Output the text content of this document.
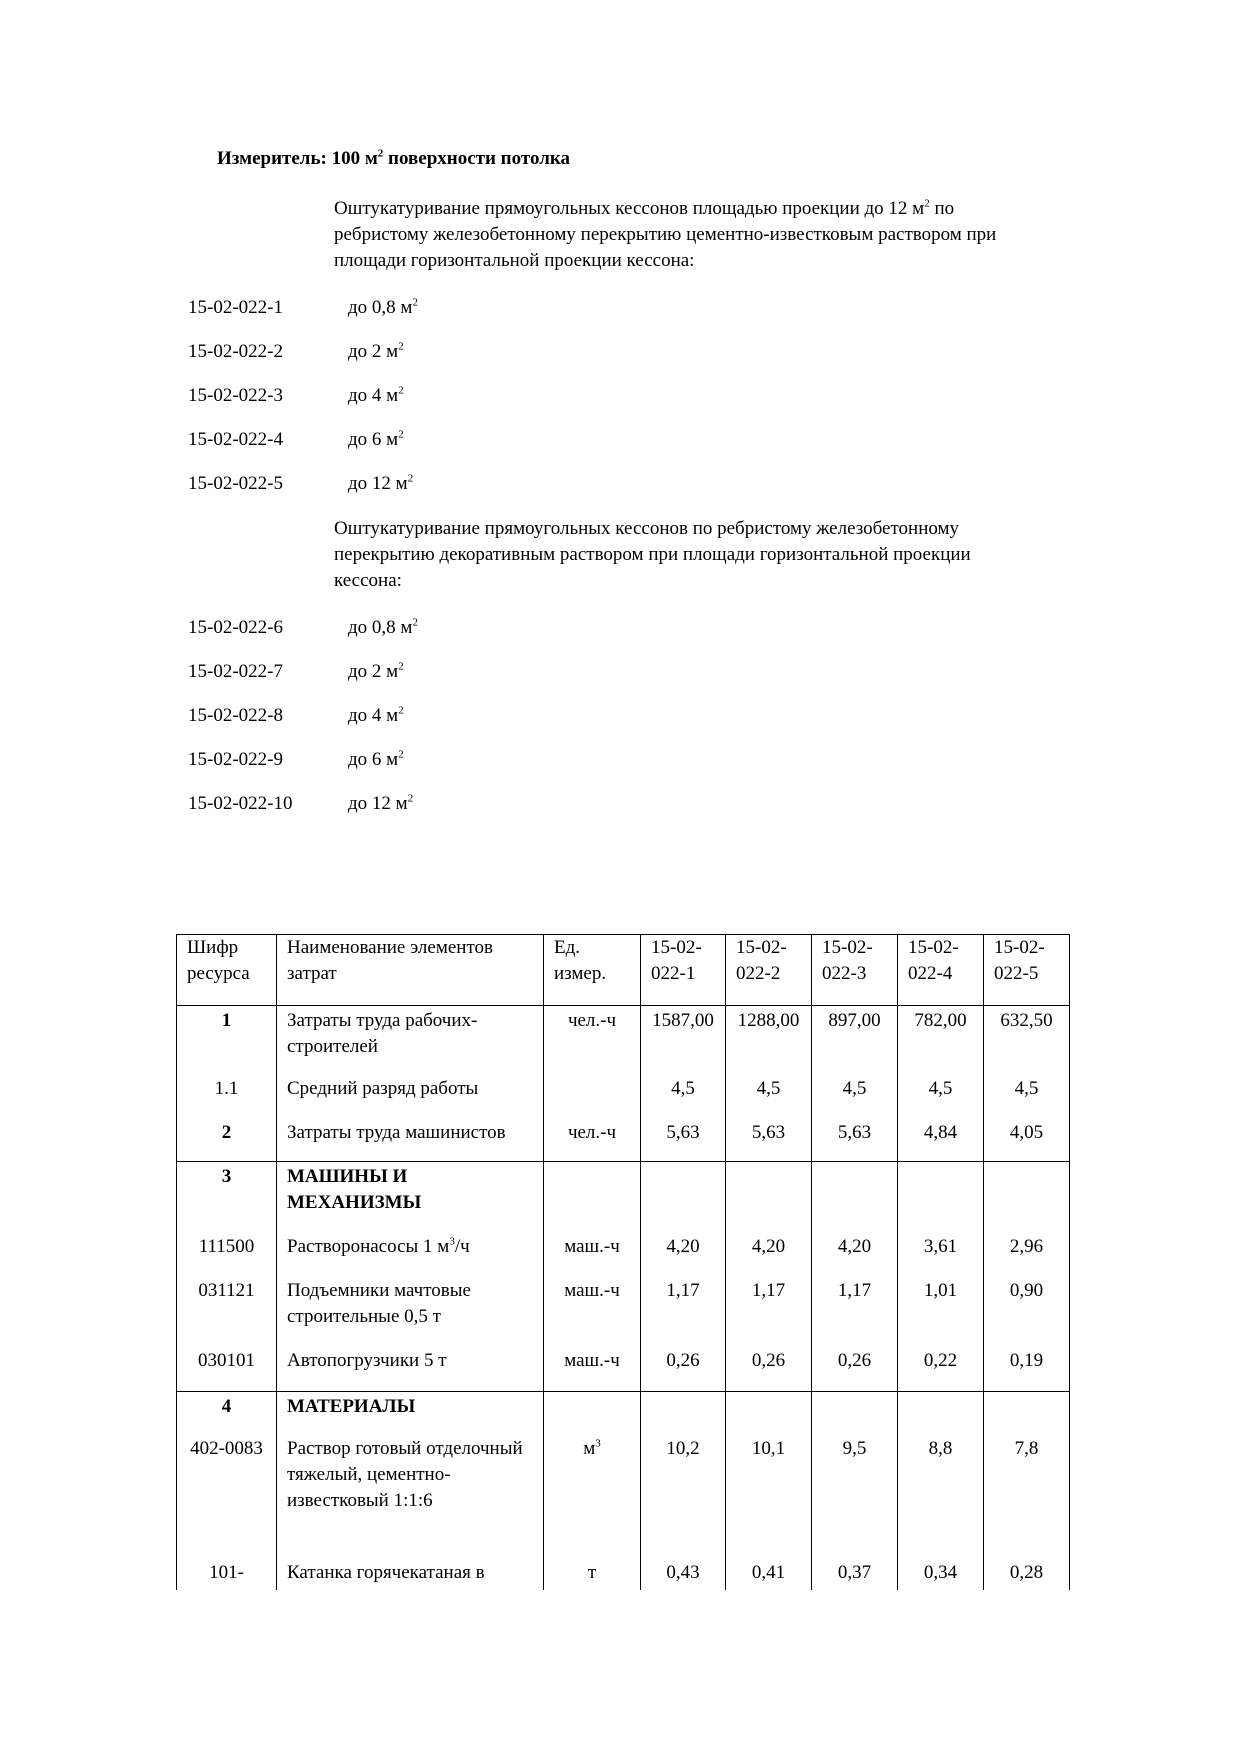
Измеритель: 100 $м^2$ поверхности потолка
Оштукатуривание прямоугольных кессонов площадью проекции до 12 $м^2$ по
ребристому железобетонному перекрытию цементно-известковым раствором при
площади горизонтальной проекции кессона:
15-02-022-1	до 0,8 $м^2$
15-02-022-2	до 2 $м^2$
15-02-022-3	до 4 $м^2$
15-02-022-4	до 6 $м^2$
15-02-022-5	до 12 $м^2$
Оштукатуривание прямоугольных кессонов по ребристому железобетонному
перекрытию декоративным раствором при площади горизонтальной проекции
кессона:
15-02-022-6	до 0,8 $м^2$
15-02-022-7	до 2 $м^2$
15-02-022-8	до 4 $м^2$
15-02-022-9	до 6 $м^2$
15-02-022-10	до 12 $м^2$
Шифр ресурса	Наименование элементов затрат	Ед. измер.	15-02-022-1	15-02-022-2	15-02-022-3	15-02-022-4	15-02-022-5
1	Затраты труда рабочих-строителей	чел.-ч	1587,00	1288,00	897,00	782,00	632,50
1.1	Средний разряд работы		4,5	4,5	4,5	4,5	4,5
2	Затраты труда машинистов	чел.-ч	5,63	5,63	5,63	4,84	4,05
3	МАШИНЫ И МЕХАНИЗМЫ						
111500	Растворонасосы 1 $м^3/ч$	маш.-ч	4,20	4,20	4,20	3,61	2,96
031121	Подъемники мачтовые строительные 0,5 т	маш.-ч	1,17	1,17	1,17	1,01	0,90
030101	Автопогрузчики 5 т	маш.-ч	0,26	0,26	0,26	0,22	0,19
4	МАТЕРИАЛЫ						
402-0083	Раствор готовый отделочный тяжелый, цементно-известковый 1:1:6	$м^3$	10,2	10,1	9,5	8,8	7,8
101-	Катанка горячекатаная в	т	0,43	0,41	0,37	0,34	0,28
